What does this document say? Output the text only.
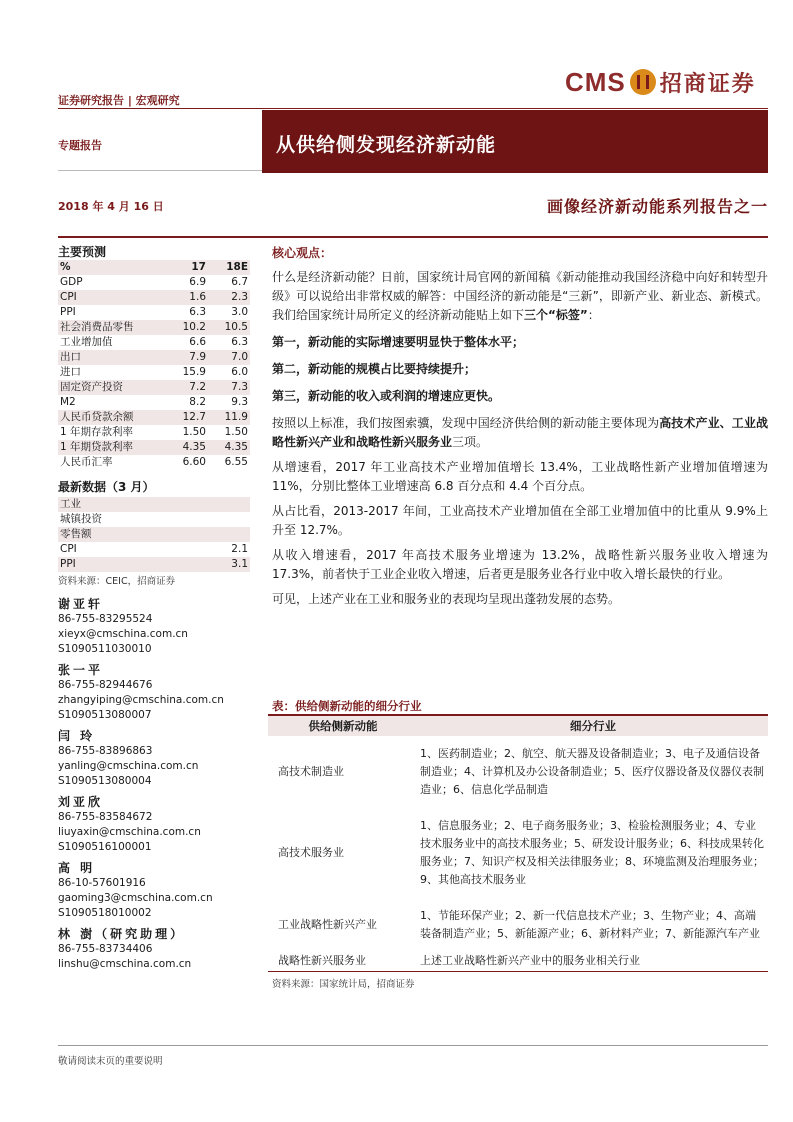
证券研究报告 | 宏观研究
CMS 招商证券
专题报告	从供给侧发现经济新动能
2018 年 4 月 16 日	画像经济新动能系列报告之一
主要预测
%	17	18E
GDP	6.9	6.7
CPI	1.6	2.3
PPI	6.3	3.0
社会消费品零售	10.2	10.5
工业增加值	6.6	6.3
出口	7.9	7.0
进口	15.9	6.0
固定资产投资	7.2	7.3
M2	8.2	9.3
人民币贷款余额	12.7	11.9
1 年期存款利率	1.50	1.50
1 年期贷款利率	4.35	4.35
人民币汇率	6.60	6.55
最新数据（3 月）
工业	
城镇投资	
零售额	
CPI	2.1
PPI	3.1
资料来源：CEIC，招商证券
谢亚轩
86-755-83295524
xieyx@cmschina.com.cn
S1090511030010
张一平
86-755-82944676
zhangyiping@cmschina.com.cn
S1090513080007
闫 玲
86-755-83896863
yanling@cmschina.com.cn
S1090513080004
刘亚欣
86-755-83584672
liuyaxin@cmschina.com.cn
S1090516100001
高 明
86-10-57601916
gaoming3@cmschina.com.cn
S1090518010002
林 澍（研究助理）
86-755-83734406
linshu@cmschina.com.cn
核心观点：
什么是经济新动能？日前，国家统计局官网的新闻稿《新动能推动我国经济稳中向好和转型升级》可以说给出非常权威的解答：中国经济的新动能是“三新”，即新产业、新业态、新模式。我们给国家统计局所定义的经济新动能贴上如下三个“标签”：
第一，新动能的实际增速要明显快于整体水平；
第二，新动能的规模占比要持续提升；
第三，新动能的收入或利润的增速应更快。
按照以上标准，我们按图索骥，发现中国经济供给侧的新动能主要体现为高技术产业、工业战略性新兴产业和战略性新兴服务业三项。
从增速看，2017 年工业高技术产业增加值增长 13.4%，工业战略性新产业增加值增速为 11%，分别比整体工业增速高 6.8 百分点和 4.4 个百分点。
从占比看，2013-2017 年间，工业高技术产业增加值在全部工业增加值中的比重从 9.9%上升至 12.7%。
从收入增速看，2017 年高技术服务业增速为 13.2%，战略性新兴服务业收入增速为 17.3%，前者快于工业企业收入增速，后者更是服务业各行业中收入增长最快的行业。
可见，上述产业在工业和服务业的表现均呈现出蓬勃发展的态势。
表：供给侧新动能的细分行业
供给侧新动能	细分行业
高技术制造业	1、医药制造业；2、航空、航天器及设备制造业；3、电子及通信设备制造业；4、计算机及办公设备制造业；5、医疗仪器设备及仪器仪表制造业；6、信息化学品制造
高技术服务业	1、信息服务业；2、电子商务服务业；3、检验检测服务业；4、专业技术服务业中的高技术服务业；5、研发设计服务业；6、科技成果转化服务业；7、知识产权及相关法律服务业；8、环境监测及治理服务业；9、其他高技术服务业
工业战略性新兴产业	1、节能环保产业；2、新一代信息技术产业；3、生物产业；4、高端装备制造产业；5、新能源产业；6、新材料产业；7、新能源汽车产业
战略性新兴服务业	上述工业战略性新兴产业中的服务业相关行业
资料来源：国家统计局，招商证券
敬请阅读末页的重要说明
